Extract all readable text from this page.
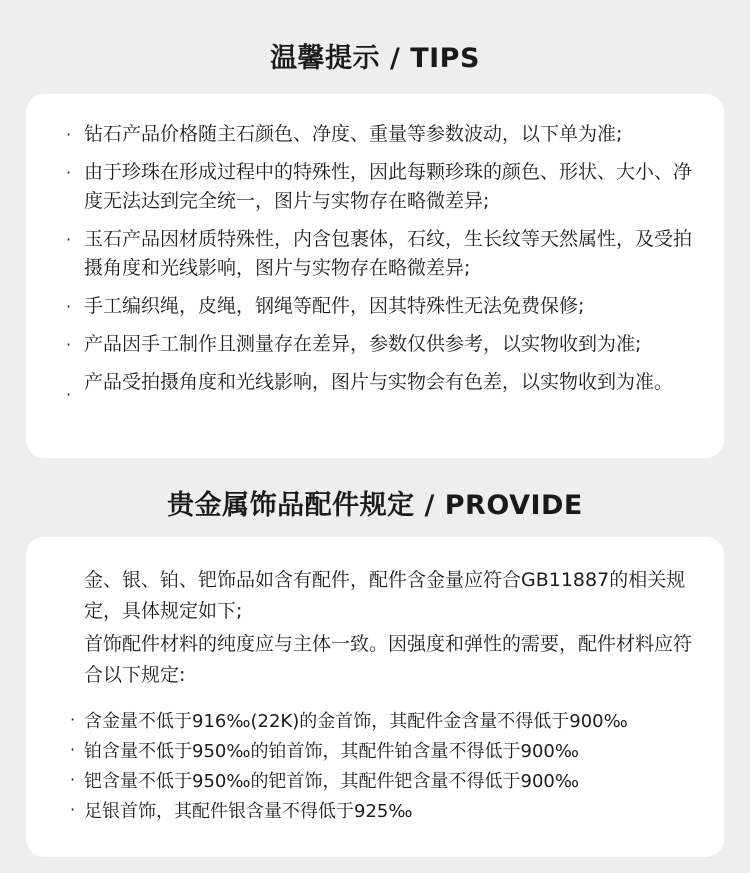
温馨提示 / TIPS
· 钻石产品价格随主石颜色、净度、重量等参数波动，以下单为准;
· 由于珍珠在形成过程中的特殊性，因此每颗珍珠的颜色、形状、大小、净度无法达到完全统一，图片与实物存在略微差异;
· 玉石产品因材质特殊性，内含包裹体，石纹，生长纹等天然属性，及受拍摄角度和光线影响，图片与实物存在略微差异;
· 手工编织绳，皮绳，钢绳等配件，因其特殊性无法免费保修;
· 产品因手工制作且测量存在差异，参数仅供参考，以实物收到为准;
·
产品受拍摄角度和光线影响，图片与实物会有色差，以实物收到为准。
贵金属饰品配件规定 / PROVIDE
金、银、铂、钯饰品如含有配件，配件含金量应符合GB11887的相关规定，具体规定如下;
首饰配件材料的纯度应与主体一致。因强度和弹性的需要，配件材料应符合以下规定:
· 含金量不低于916‰(22K)的金首饰，其配件金含量不得低于900‰
· 铂含量不低于950‰的铂首饰，其配件铂含量不得低于900‰
· 钯含量不低于950‰的钯首饰，其配件钯含量不得低于900‰
· 足银首饰，其配件银含量不得低于925‰
